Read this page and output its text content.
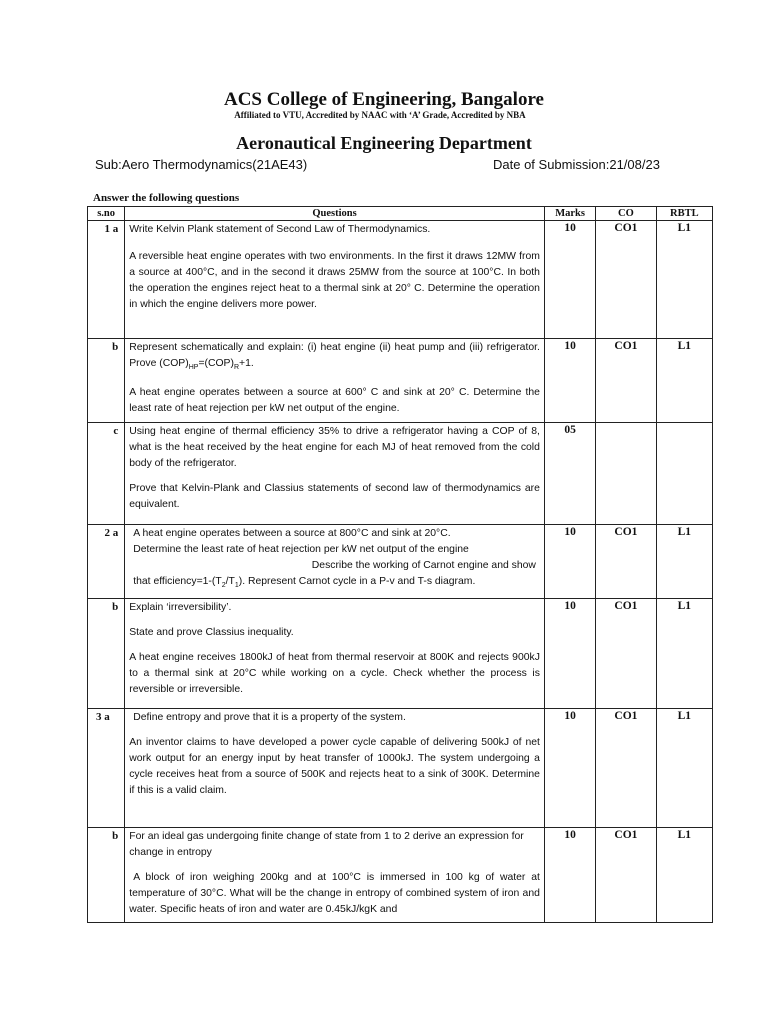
ACS College of Engineering, Bangalore
Affiliated to VTU, Accredited by NAAC with ‘A’ Grade, Accredited by NBA
Aeronautical Engineering Department
Sub:Aero Thermodynamics(21AE43)	Date of Submission:21/08/23
Answer the following questions
s.no	Questions	Marks	CO	RBTL
1 a	Write Kelvin Plank statement of Second Law of Thermodynamics.

A reversible heat engine operates with two environments. In the first it draws 12MW from a source at 400°C, and in the second it draws 25MW from the source at 100°C. In both the operation the engines reject heat to a thermal sink at 20° C. Determine the operation in which the engine delivers more power.	10	CO1	L1
b	Represent schematically and explain: (i) heat engine (ii) heat pump and (iii) refrigerator. Prove $(COP)_{HP}=(COP)_R+1$.

A heat engine operates between a source at 600° C and sink at 20° C. Determine the least rate of heat rejection per kW net output of the engine.	10	CO1	L1
c	Using heat engine of thermal efficiency 35% to drive a refrigerator having a COP of 8, what is the heat received by the heat engine for each MJ of heat removed from the cold body of the refrigerator.

Prove that Kelvin-Plank and Classius statements of second law of thermodynamics are equivalent.	05		
2 a	A heat engine operates between a source at 800°C and sink at 20°C.
Determine the least rate of heat rejection per kW net output of the engine
Describe the working of Carnot engine and show
that $efficiency=1-(T_2/T_1)$. Represent Carnot cycle in a P-v and T-s diagram.	10	CO1	L1
b	Explain ‘irreversibility’.

State and prove Classius inequality.

A heat engine receives 1800kJ of heat from thermal reservoir at 800K and rejects 900kJ to a thermal sink at 20°C while working on a cycle. Check whether the process is reversible or irreversible.	10	CO1	L1
3 a	Define entropy and prove that it is a property of the system.

An inventor claims to have developed a power cycle capable of delivering 500kJ of net work output for an energy input by heat transfer of 1000kJ. The system undergoing a cycle receives heat from a source of 500K and rejects heat to a sink of 300K. Determine if this is a valid claim.	10	CO1	L1
b	For an ideal gas undergoing finite change of state from 1 to 2 derive an expression for change in entropy

A block of iron weighing 200kg and at 100°C is immersed in 100 kg of water at temperature of 30°C. What will be the change in entropy of combined system of iron and water. Specific heats of iron and water are 0.45kJ/kgK and	10	CO1	L1
